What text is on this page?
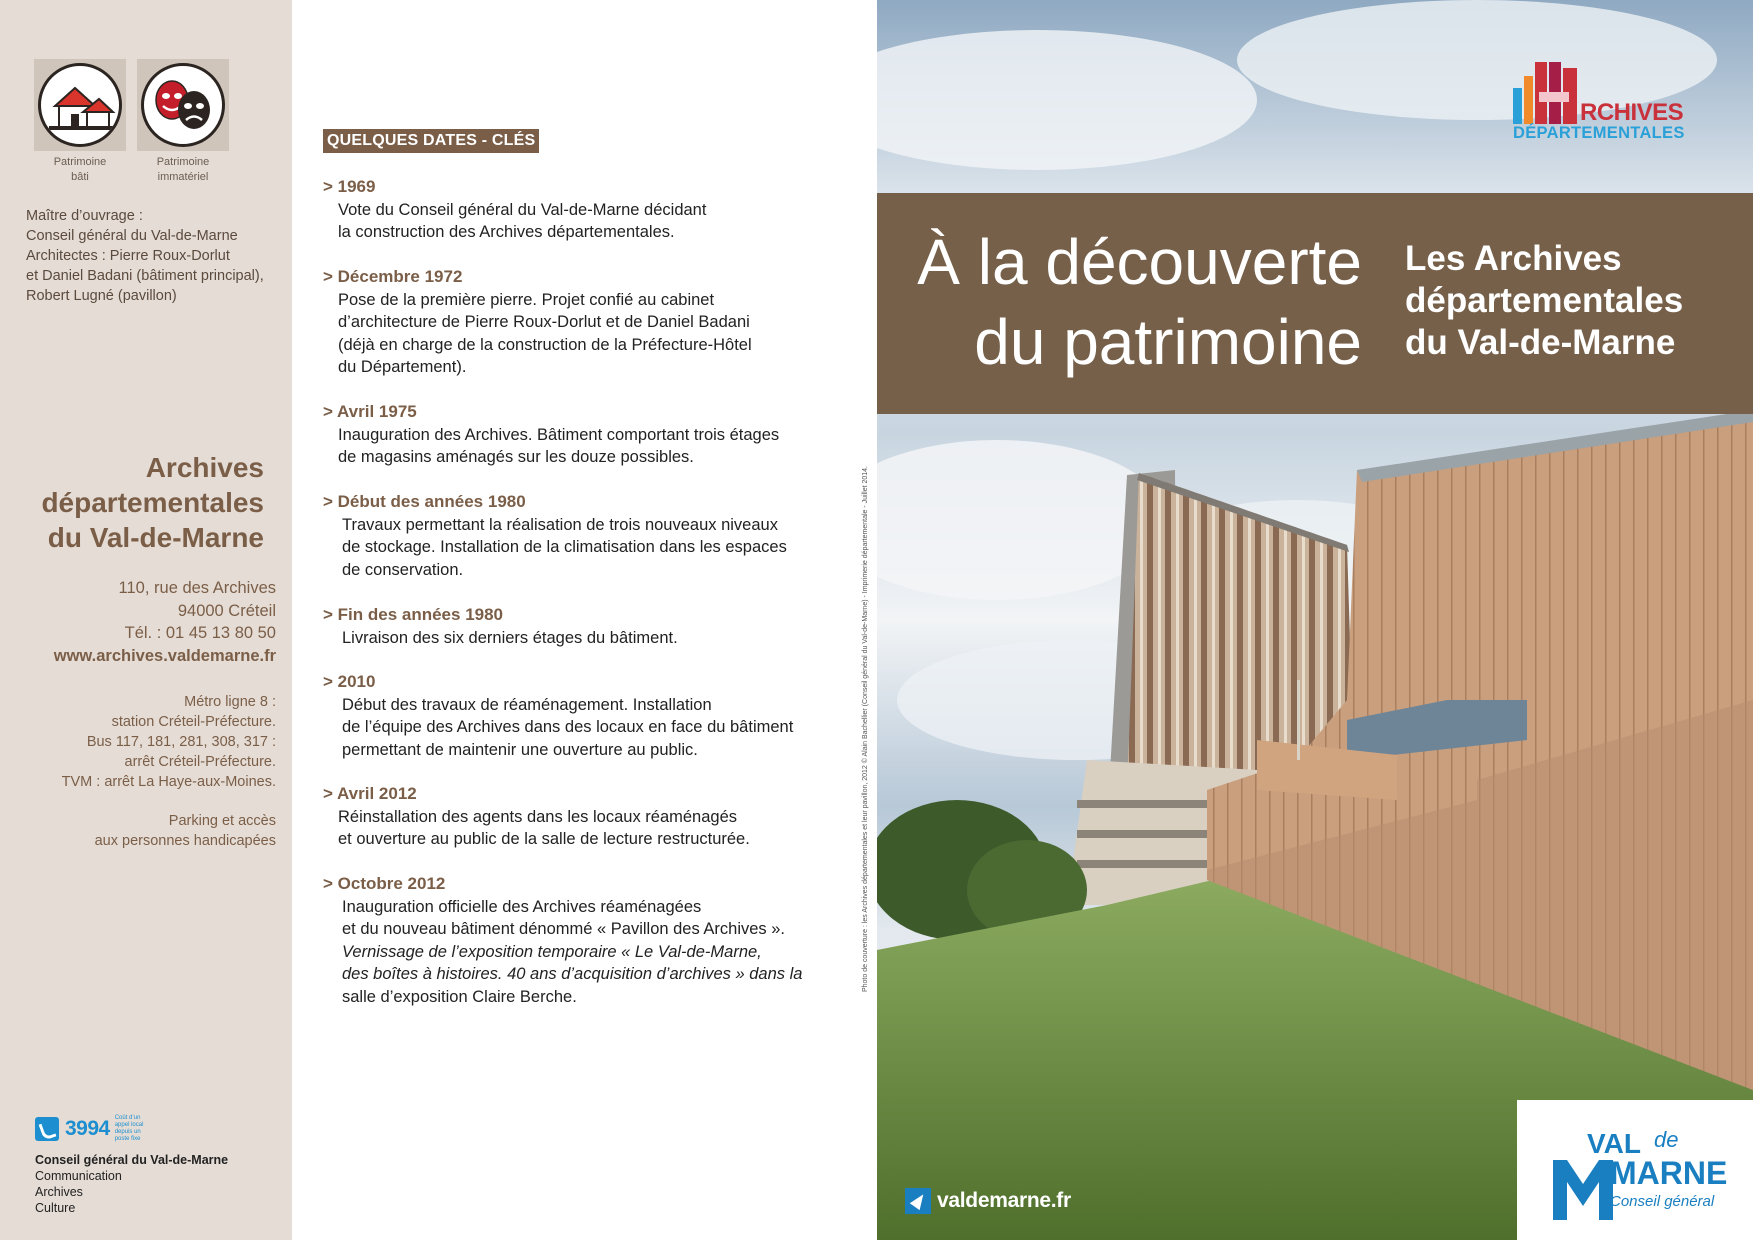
Patrimoine
bâti
Patrimoine
immatériel
Maître d’ouvrage :
Conseil général du Val-de-Marne
Architectes : Pierre Roux-Dorlut
et Daniel Badani (bâtiment principal),
Robert Lugné (pavillon)
Archives
départementales
du Val-de-Marne
110, rue des Archives
94000 Créteil
Tél. : 01 45 13 80 50
www.archives.valdemarne.fr
Métro ligne 8 :
station Créteil-Préfecture.
Bus 117, 181, 281, 308, 317 :
arrêt Créteil-Préfecture.
TVM : arrêt La Haye-aux-Moines.
Parking et accès
aux personnes handicapées
3994 Coût d’un appel local depuis un poste fixe
Conseil général du Val-de-Marne
Communication
Archives
Culture
QUELQUES DATES - CLÉS
> 1969
Vote du Conseil général du Val-de-Marne décidant
la construction des Archives départementales.
> Décembre 1972
Pose de la première pierre. Projet confié au cabinet
d’architecture de Pierre Roux-Dorlut et de Daniel Badani
(déjà en charge de la construction de la Préfecture-Hôtel
du Département).
> Avril 1975
Inauguration des Archives. Bâtiment comportant trois étages
de magasins aménagés sur les douze possibles.
> Début des années 1980
Travaux permettant la réalisation de trois nouveaux niveaux
de stockage. Installation de la climatisation dans les espaces
de conservation.
> Fin des années 1980
Livraison des six derniers étages du bâtiment.
> 2010
Début des travaux de réaménagement. Installation
de l’équipe des Archives dans des locaux en face du bâtiment
permettant de maintenir une ouverture au public.
> Avril 2012
Réinstallation des agents dans les locaux réaménagés
et ouverture au public de la salle de lecture restructurée.
> Octobre 2012
Inauguration officielle des Archives réaménagées
et du nouveau bâtiment dénommé « Pavillon des Archives ».
Vernissage de l’exposition temporaire « Le Val-de-Marne,
des boîtes à histoires. 40 ans d’acquisition d’archives » dans la
salle d’exposition Claire Berche.
Photo de couverture : les Archives départementales et leur pavillon, 2012 © Alain Bachellier (Conseil général du Val-de-Marne) - Imprimerie départementale - Juillet 2014.
À la découverte
du patrimoine
Les Archives
départementales
du Val-de-Marne
RCHIVES
DÉPARTEMENTALES
valdemarne.fr
VAL de
MARNE
Conseil général
